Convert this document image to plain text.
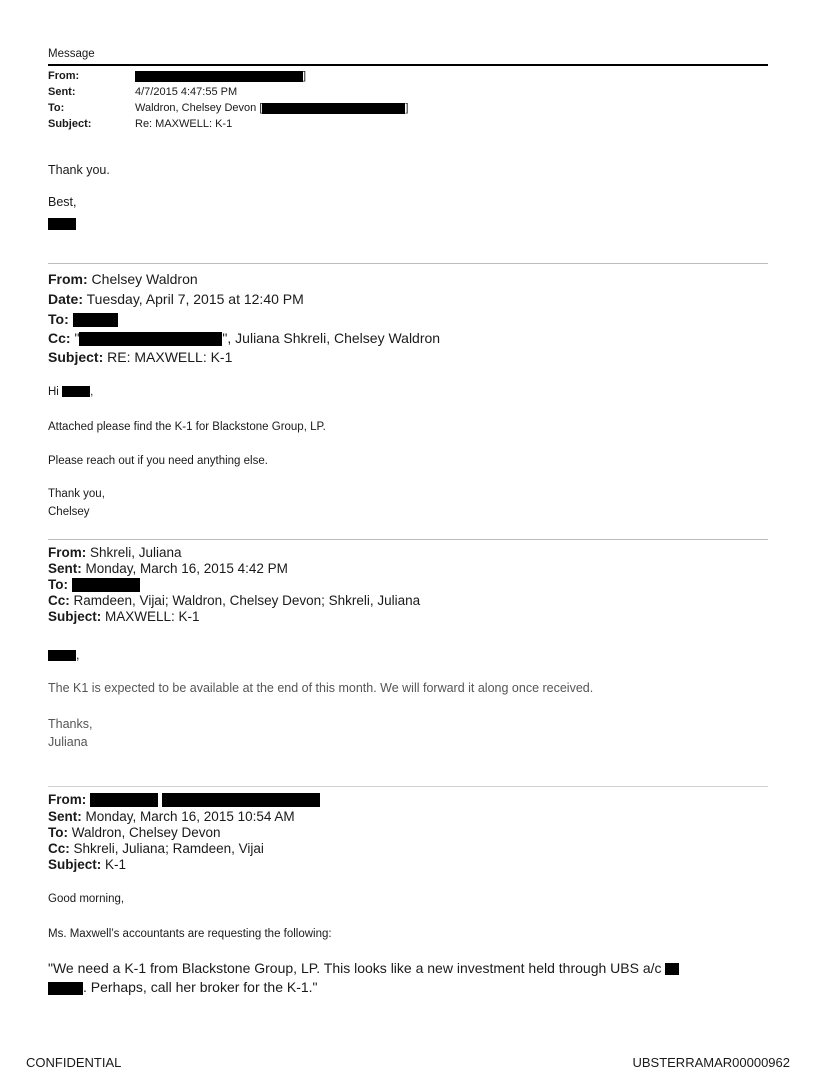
Message
From:	]
Sent:	4/7/2015 4:47:55 PM
To:	Waldron, Chelsey Devon [	]
Subject:	Re: MAXWELL: K-1
Thank you.
Best,
From: Chelsey Waldron
Date: Tuesday, April 7, 2015 at 12:40 PM
To:
Cc: "	", Juliana Shkreli, Chelsey Waldron
Subject: RE: MAXWELL: K-1
Hi ,
Attached please find the K-1 for Blackstone Group, LP.
Please reach out if you need anything else.
Thank you,
Chelsey
From: Shkreli, Juliana
Sent: Monday, March 16, 2015 4:42 PM
To:
Cc: Ramdeen, Vijai; Waldron, Chelsey Devon; Shkreli, Juliana
Subject: MAXWELL: K-1
,
The K1 is expected to be available at the end of this month. We will forward it along once received.
Thanks,
Juliana
From:
Sent: Monday, March 16, 2015 10:54 AM
To: Waldron, Chelsey Devon
Cc: Shkreli, Juliana; Ramdeen, Vijai
Subject: K-1
Good morning,
Ms. Maxwell’s accountants are requesting the following:
"We need a K-1 from Blackstone Group, LP. This looks like a new investment held through UBS a/c
. Perhaps, call her broker for the K-1."
CONFIDENTIAL	UBSTERRAMAR00000962
